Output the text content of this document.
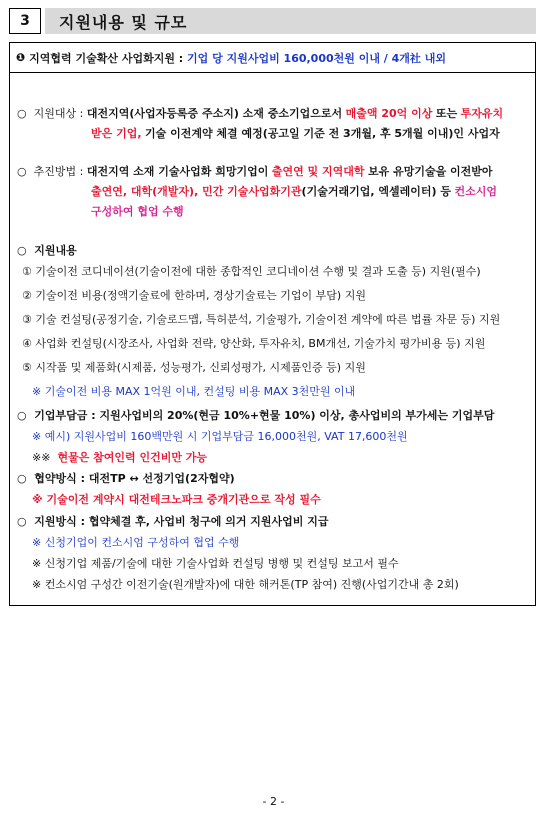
3	지원내용 및 규모
❶
지역협력 기술확산 사업화지원 :
기업 당 지원사업비 160,000천원 이내 / 4개社 내외
○ 지원대상 : 대전지역(사업자등록증 주소지) 소재 중소기업으로서 매출액 20억 이상 또는 투자유치
받은 기업, 기술 이전계약 체결 예정(공고일 기준 전 3개월, 후 5개월 이내)인 사업자
○ 추진방법 : 대전지역 소재 기술사업화 희망기업이 출연연 및 지역대학 보유 유망기술을 이전받아
출연연, 대학(개발자), 민간 기술사업화기관(기술거래기업, 엑셀레이터) 등 컨소시엄
구성하여 협업 수행
○ 지원내용
① 기술이전 코디네이션(기술이전에 대한 종합적인 코디네이션 수행 및 결과 도출 등) 지원(필수)
② 기술이전 비용(정액기술료에 한하며, 경상기술료는 기업이 부담) 지원
③ 기술 컨설팅(공정기술, 기술로드맵, 특허분석, 기술평가, 기술이전 계약에 따른 법률 자문 등) 지원
④ 사업화 컨설팅(시장조사, 사업화 전략, 양산화, 투자유치, BM개선, 기술가치 평가비용 등) 지원
⑤ 시작품 및 제품화(시제품, 성능평가, 신뢰성평가, 시제품인증 등) 지원
※ 기술이전 비용 MAX 1억원 이내, 컨설팅 비용 MAX 3천만원 이내
○ 기업부담금 : 지원사업비의 20%(현금 10%+현물 10%) 이상, 총사업비의 부가세는 기업부담
※ 예시) 지원사업비 160백만원 시 기업부담금 16,000천원, VAT 17,600천원
※※ 현물은 참여인력 인건비만 가능
○ 협약방식 : 대전TP ↔ 선정기업(2자협약)
※ 기술이전 계약시 대전테크노파크 중개기관으로 작성 필수
○ 지원방식 : 협약체결 후, 사업비 청구에 의거 지원사업비 지급
※ 신청기업이 컨소시엄 구성하여 협업 수행
※ 신청기업 제품/기술에 대한 기술사업화 컨설팅 병행 및 컨설팅 보고서 필수
※ 컨소시엄 구성간 이전기술(원개발자)에 대한 해커톤(TP 참여) 진행(사업기간내 총 2회)
- 2 -
